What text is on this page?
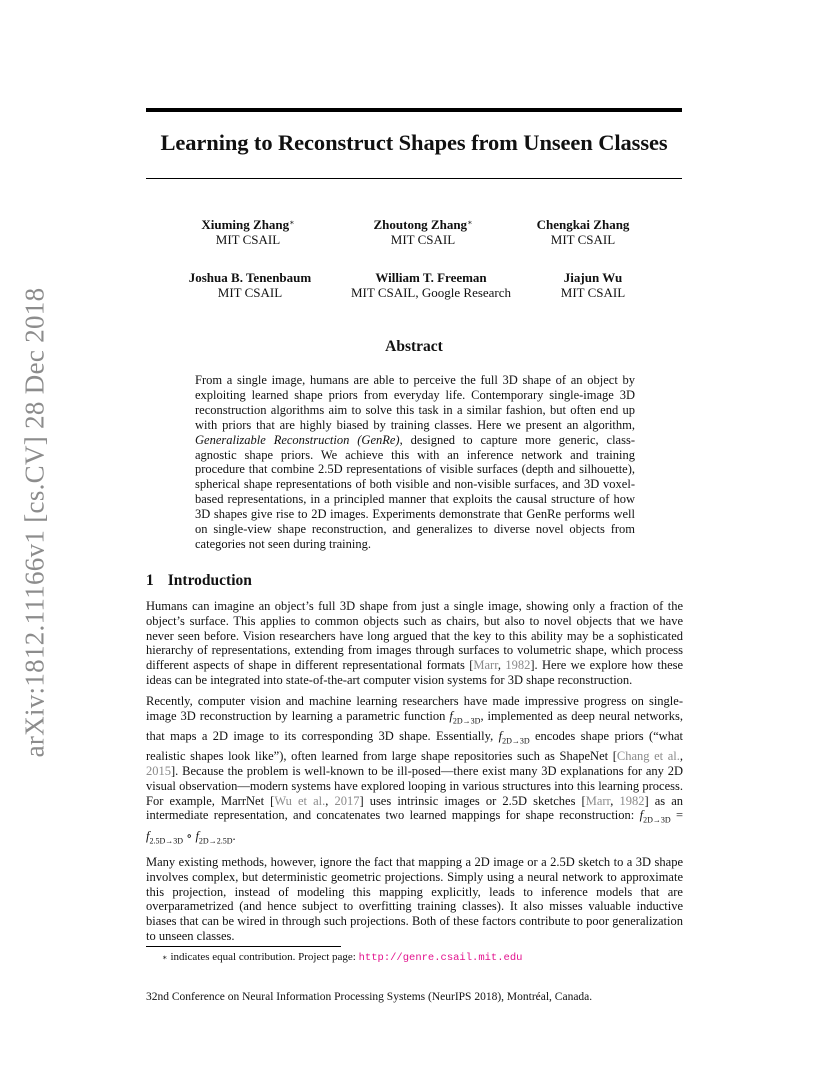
arXiv:1812.11166v1 [cs.CV] 28 Dec 2018
Learning to Reconstruct Shapes from Unseen Classes
Xiuming Zhang∗
MIT CSAIL
Zhoutong Zhang∗
MIT CSAIL
Chengkai Zhang
MIT CSAIL
Joshua B. Tenenbaum
MIT CSAIL
William T. Freeman
MIT CSAIL, Google Research
Jiajun Wu
MIT CSAIL
Abstract
From a single image, humans are able to perceive the full 3D shape of an object by exploiting learned shape priors from everyday life. Contemporary single-image 3D reconstruction algorithms aim to solve this task in a similar fashion, but often end up with priors that are highly biased by training classes. Here we present an algorithm, Generalizable Reconstruction (GenRe), designed to capture more generic, class-agnostic shape priors. We achieve this with an inference network and training procedure that combine 2.5D representations of visible surfaces (depth and silhouette), spherical shape representations of both visible and non-visible surfaces, and 3D voxel-based representations, in a principled manner that exploits the causal structure of how 3D shapes give rise to 2D images. Experiments demonstrate that GenRe performs well on single-view shape reconstruction, and generalizes to diverse novel objects from categories not seen during training.
1 Introduction

Humans can imagine an object’s full 3D shape from just a single image, showing only a fraction of the object’s surface. This applies to common objects such as chairs, but also to novel objects that we have never seen before. Vision researchers have long argued that the key to this ability may be a sophisticated hierarchy of representations, extending from images through surfaces to volumetric shape, which process different aspects of shape in different representational formats [Marr, 1982]. Here we explore how these ideas can be integrated into state-of-the-art computer vision systems for 3D shape reconstruction.

Recently, computer vision and machine learning researchers have made impressive progress on single-image 3D reconstruction by learning a parametric function $f_{2D\to 3D}$, implemented as deep neural networks, that maps a 2D image to its corresponding 3D shape. Essentially, $f_{2D\to 3D}$ encodes shape priors (“what realistic shapes look like”), often learned from large shape repositories such as ShapeNet [Chang et al., 2015]. Because the problem is well-known to be ill-posed—there exist many 3D explanations for any 2D visual observation—modern systems have explored looping in various structures into this learning process. For example, MarrNet [Wu et al., 2017] uses intrinsic images or 2.5D sketches [Marr, 1982] as an intermediate representation, and concatenates two learned mappings for shape reconstruction: $f_{2D\to 3D} = f_{2.5D\to 3D}$ ∘ $f_{2D\to 2.5D}$.

Many existing methods, however, ignore the fact that mapping a 2D image or a 2.5D sketch to a 3D shape involves complex, but deterministic geometric projections. Simply using a neural network to approximate this projection, instead of modeling this mapping explicitly, leads to inference models that are overparametrized (and hence subject to overfitting training classes). It also misses valuable inductive biases that can be wired in through such projections. Both of these factors contribute to poor generalization to unseen classes.

∗ indicates equal contribution. Project page: http://genre.csail.mit.edu
32nd Conference on Neural Information Processing Systems (NeurIPS 2018), Montréal, Canada.
